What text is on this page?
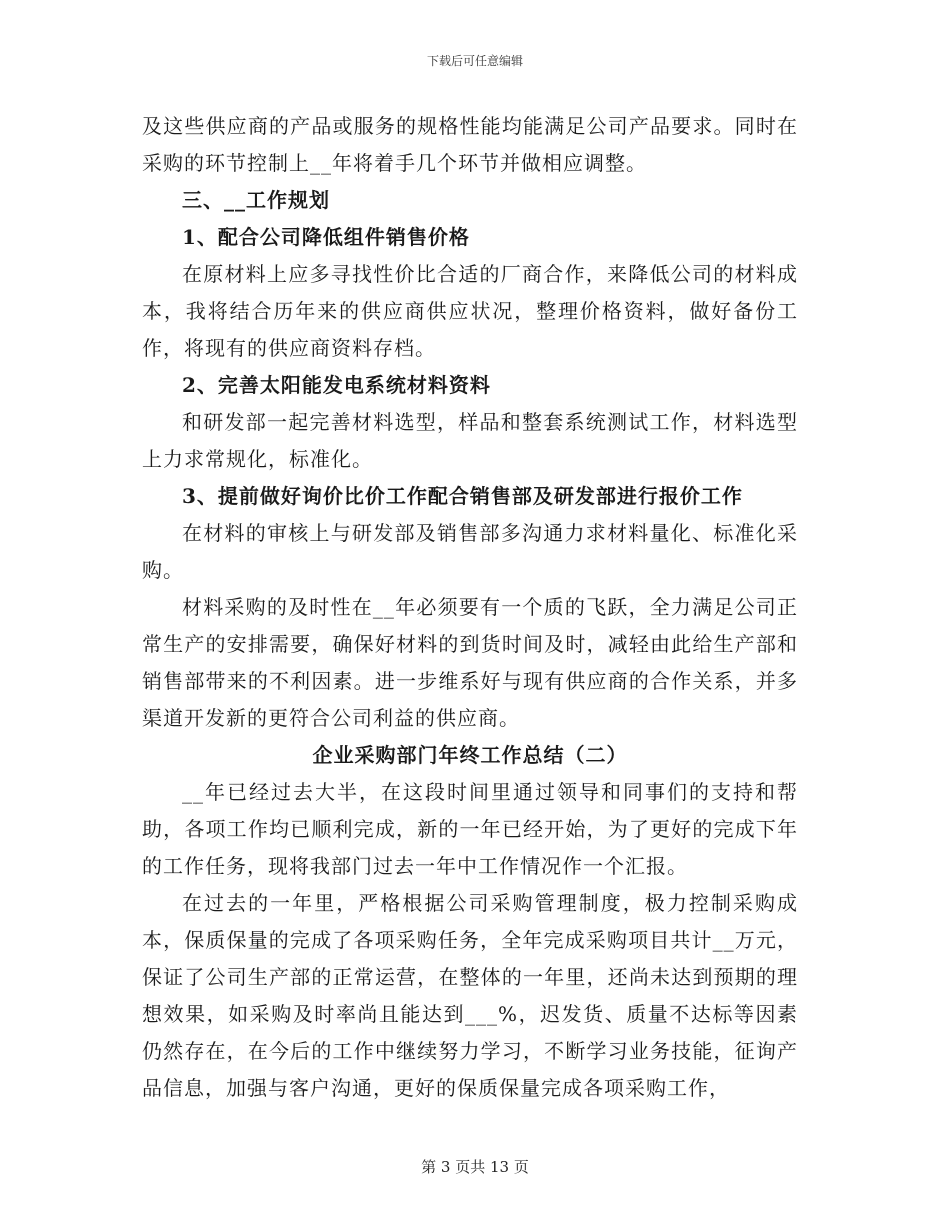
下载后可任意编辑

及这些供应商的产品或服务的规格性能均能满足公司产品要求。同时在采购的环节控制上__年将着手几个环节并做相应调整。

三、__工作规划

1、配合公司降低组件销售价格

在原材料上应多寻找性价比合适的厂商合作，来降低公司的材料成本，我将结合历年来的供应商供应状况，整理价格资料，做好备份工作，将现有的供应商资料存档。

2、完善太阳能发电系统材料资料

和研发部一起完善材料选型，样品和整套系统测试工作，材料选型上力求常规化，标准化。

3、提前做好询价比价工作配合销售部及研发部进行报价工作

在材料的审核上与研发部及销售部多沟通力求材料量化、标准化采购。

材料采购的及时性在__年必须要有一个质的飞跃，全力满足公司正常生产的安排需要，确保好材料的到货时间及时，减轻由此给生产部和销售部带来的不利因素。进一步维系好与现有供应商的合作关系，并多渠道开发新的更符合公司利益的供应商。

企业采购部门年终工作总结（二）

__年已经过去大半，在这段时间里通过领导和同事们的支持和帮助，各项工作均已顺利完成，新的一年已经开始，为了更好的完成下年的工作任务，现将我部门过去一年中工作情况作一个汇报。

在过去的一年里，严格根据公司采购管理制度，极力控制采购成本，保质保量的完成了各项采购任务，全年完成采购项目共计__万元，保证了公司生产部的正常运营，在整体的一年里，还尚未达到预期的理想效果，如采购及时率尚且能达到___%，迟发货、质量不达标等因素仍然存在，在今后的工作中继续努力学习，不断学习业务技能，征询产品信息，加强与客户沟通，更好的保质保量完成各项采购工作，

第 3 页共 13 页
